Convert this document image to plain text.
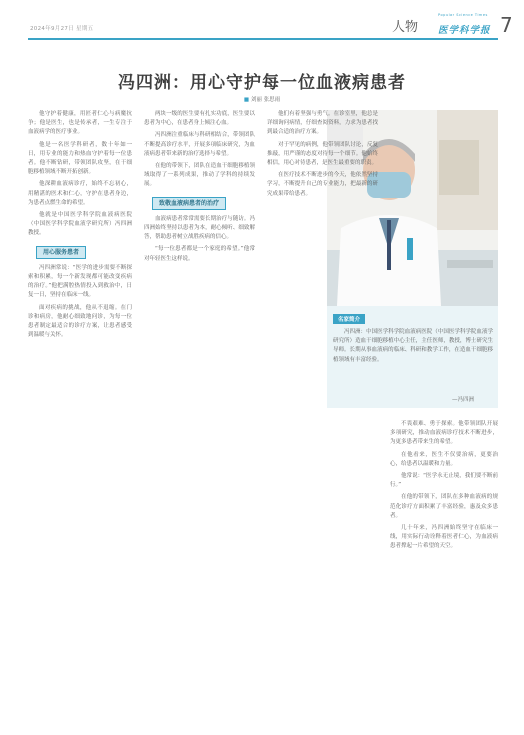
2024年9月27日 星期五	人物
Popular Science Times
医学科学报 7
冯四洲：用心守护每一位血液病患者
■ 刘丽 张思雨
名家简介
冯四洲：中国医学科学院血液病医院（中国医学科学院血液学研究所）造血干细胞移植中心主任，主任医师，教授，博士研究生导师。长期从事血液病的临床、科研和教学工作，在造血干细胞移植领域有丰富经验。
—冯四洲

他守护着健康，用匠者仁心与病魔抗争；他是医生，也是传承者，一生专注于血液病学的医疗事业。

他是一名医学科研者，数十年如一日，用专业的能力和热血守护着每一位患者。他不断钻研，带领团队攻坚，在干细胞移植领域不断开拓创新。

他深耕血液病诊疗，始终不忘初心，用精湛的医术和仁心，守护在患者身边，为患者点燃生命的希望。

他就是中国医学科学院血液病医院（中国医学科学院血液学研究所）冯四洲教授。

用心服务患者

冯四洲常说：“医学的进步需要不断探索和积累，每一个新发现都可能改变疾病的治疗。”他把满腔热情投入到救治中，日复一日，坚持在临床一线。

面对疾病的挑战，他从不退缩。在门诊和病房，他耐心细致地问诊，为每一位患者制定最适合的诊疗方案，让患者感受到温暖与关怀。

两块一级的医生要有扎实功底，医生要以患者为中心，在患者身上倾注心血。

冯四洲注重临床与科研相结合，带领团队不断提高诊疗水平，开展多项临床研究，为血液病患者带来新的治疗选择与希望。

在他的带领下，团队在造血干细胞移植领域取得了一系列成果，推动了学科的持续发展。

致敬血液病患者的治疗

血液病患者常常需要长期治疗与随访。冯四洲始终坚持以患者为本，耐心倾听、细致解答，帮助患者树立战胜疾病的信心。

“每一位患者都是一个家庭的希望。”他常对年轻医生这样说。

他们有着坚强与勇气。在诊室里，他总是详细询问病情，仔细查阅资料，力求为患者找到最合适的治疗方案。

对于罕见的病例，他带领团队讨论，反复推敲，用严谨的态度对待每一个细节。他始终相信，用心对待患者，是医生最重要的职责。

在医疗技术不断进步的今天，他依然坚持学习，不断提升自己的专业能力，把最新的研究成果带给患者。

不畏艰难、勇于探索。他带领团队开展多项研究，推动血液病诊疗技术不断进步，为更多患者带来生的希望。

在他看来，医生不仅要治病，更要治心，给患者以温暖和力量。

他常说：“医学永无止境，我们要不断前行。”

在他的带领下，团队在多种血液病的规范化诊疗方面积累了丰富经验，惠及众多患者。

几十年来，冯四洲始终坚守在临床一线，用实际行动诠释着医者仁心，为血液病患者撑起一片希望的天空。
